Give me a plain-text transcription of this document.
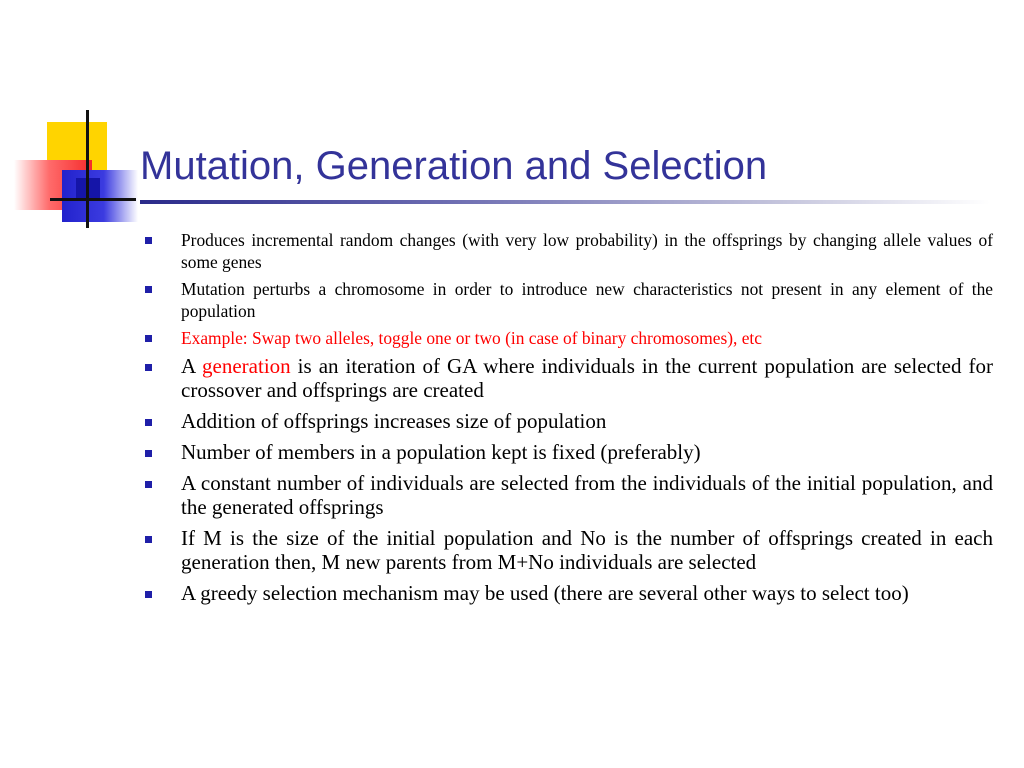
Mutation, Generation and Selection
Produces incremental random changes (with very low probability) in the offsprings by changing allele values of some genes
Mutation perturbs a chromosome in order to introduce new characteristics not present in any element of the population
Example: Swap two alleles, toggle one or two (in case of binary chromosomes), etc
A generation is an iteration of GA where individuals in the current population are selected for crossover and offsprings are created
Addition of offsprings increases size of population
Number of members in a population kept is fixed (preferably)
A constant number of individuals are selected from the individuals of the initial population, and the generated offsprings
If M is the size of the initial population and No is the number of offsprings created in each generation then, M new parents from M+No individuals are selected
A greedy selection mechanism may be used (there are several other ways to select too)
